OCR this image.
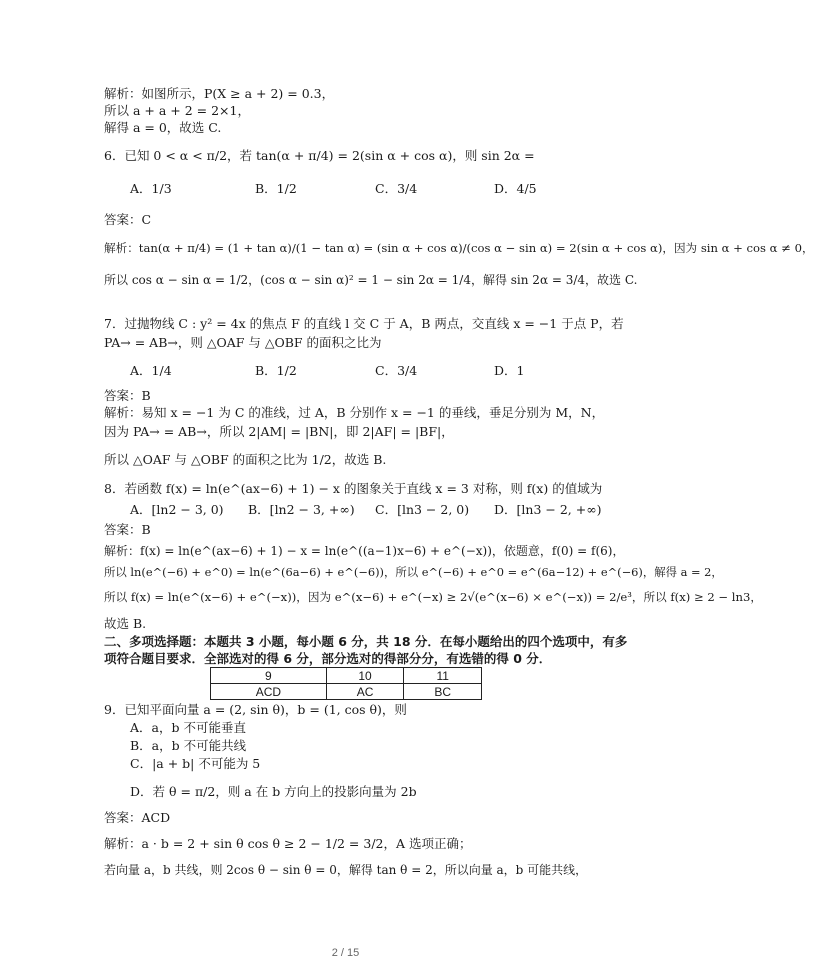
解析：如图所示，P(X ≥ a + 2) = 0.3，
所以 a + a + 2 = 2×1，
解得 a = 0，故选 C.
6．已知 0 < α < π/2，若 tan(α + π/4) = 2(sin α + cos α)，则 sin 2α =
A．1/3	B．1/2	C．3/4	D．4/5
答案：C
解析：tan(α + π/4) = (1 + tan α)/(1 − tan α) = (sin α + cos α)/(cos α − sin α) = 2(sin α + cos α)，因为 sin α + cos α ≠ 0，
所以 cos α − sin α = 1/2，(cos α − sin α)² = 1 − sin 2α = 1/4，解得 sin 2α = 3/4，故选 C.
7．过抛物线 C : y² = 4x 的焦点 F 的直线 l 交 C 于 A，B 两点，交直线 x = −1 于点 P，若
PA→ = AB→，则 △OAF 与 △OBF 的面积之比为
A．1/4	B．1/2	C．3/4	D．1
答案：B
解析：易知 x = −1 为 C 的准线，过 A，B 分别作 x = −1 的垂线，垂足分别为 M，N，
因为 PA→ = AB→，所以 2|AM| = |BN|，即 2|AF| = |BF|，
所以 △OAF 与 △OBF 的面积之比为 1/2，故选 B.
8．若函数 f(x) = ln(e^(ax−6) + 1) − x 的图象关于直线 x = 3 对称，则 f(x) 的值域为
A．[ln2 − 3, 0) B．[ln2 − 3, +∞) C．[ln3 − 2, 0) D．[ln3 − 2, +∞)
答案：B
解析：f(x) = ln(e^(ax−6) + 1) − x = ln(e^((a−1)x−6) + e^(−x))，依题意，f(0) = f(6)，
所以 ln(e^(−6) + e^0) = ln(e^(6a−6) + e^(−6))，所以 e^(−6) + e^0 = e^(6a−12) + e^(−6)，解得 a = 2，
所以 f(x) = ln(e^(x−6) + e^(−x))，因为 e^(x−6) + e^(−x) ≥ 2√(e^(x−6) × e^(−x)) = 2/e³，所以 f(x) ≥ 2 − ln3，
故选 B.
二、多项选择题：本题共 3 小题，每小题 6 分，共 18 分．在每小题给出的四个选项中，有多
项符合题目要求．全部选对的得 6 分，部分选对的得部分分，有选错的得 0 分．
9	10	11
ACD	AC	BC
9．已知平面向量 a = (2, sin θ)，b = (1, cos θ)，则
A．a，b 不可能垂直
B．a，b 不可能共线
C．|a + b| 不可能为 5
D．若 θ = π/2，则 a 在 b 方向上的投影向量为 2b
答案：ACD
解析：a · b = 2 + sin θ cos θ ≥ 2 − 1/2 = 3/2，A 选项正确；
若向量 a，b 共线，则 2cos θ − sin θ = 0，解得 tan θ = 2，所以向量 a，b 可能共线，
2 / 15
